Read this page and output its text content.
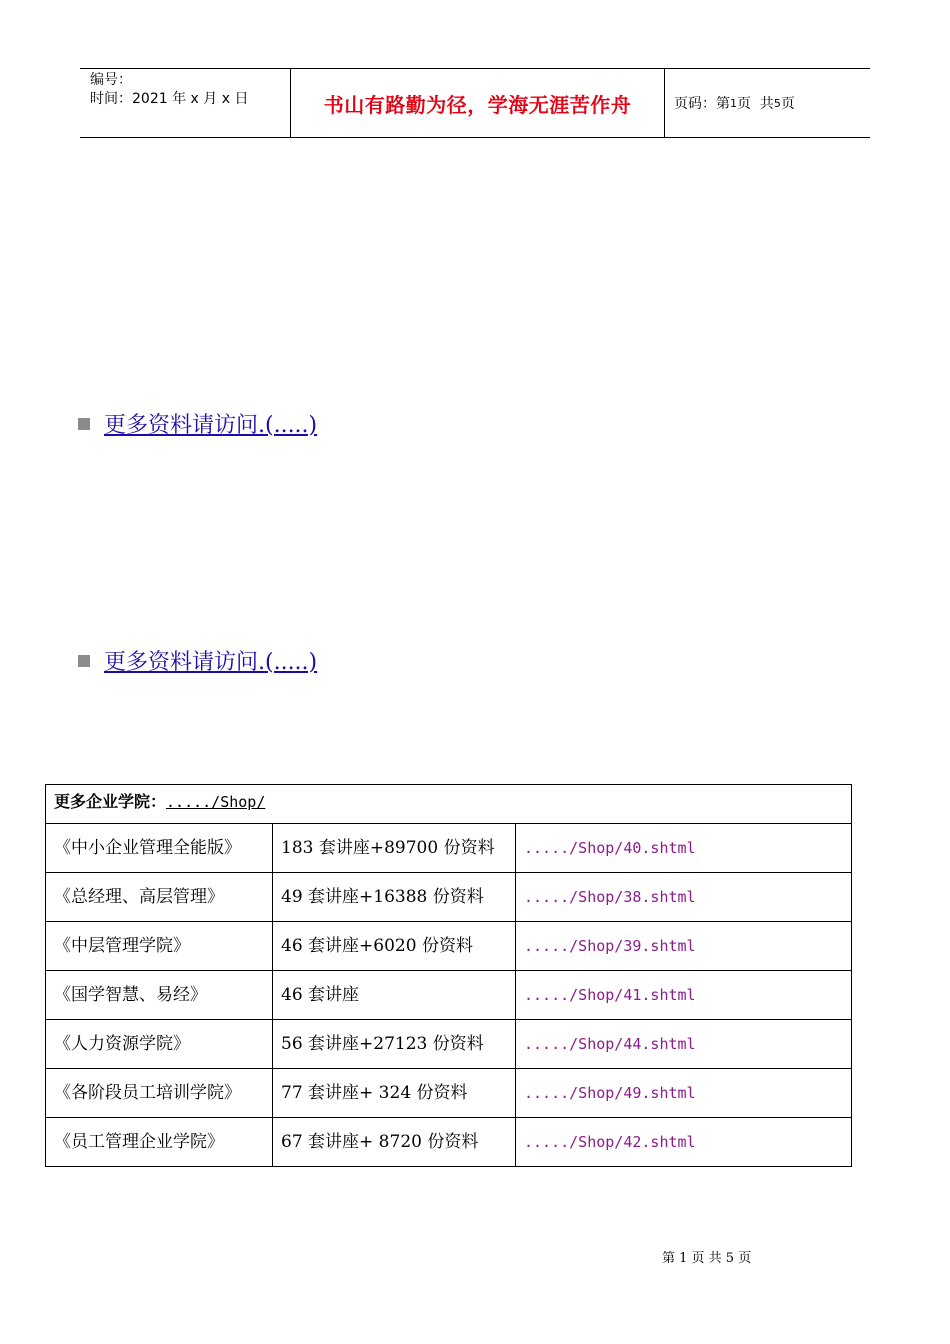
编号：
时间：2021 年 x 月 x 日	书山有路勤为径，学海无涯苦作舟	页码：第 1 页  共 5 页
更多资料请访问.(.....)
更多资料请访问.(.....)
更多企业学院：...../Shop/		
《中小企业管理全能版》	183 套讲座+89700 份资料	...../Shop/40.shtml
《总经理、高层管理》	49 套讲座+16388 份资料	...../Shop/38.shtml
《中层管理学院》	46 套讲座+6020 份资料	...../Shop/39.shtml
《国学智慧、易经》	46 套讲座	...../Shop/41.shtml
《人力资源学院》	56 套讲座+27123 份资料	...../Shop/44.shtml
《各阶段员工培训学院》	77 套讲座+ 324 份资料	...../Shop/49.shtml
《员工管理企业学院》	67 套讲座+ 8720 份资料	...../Shop/42.shtml
第 1 页 共 5 页
